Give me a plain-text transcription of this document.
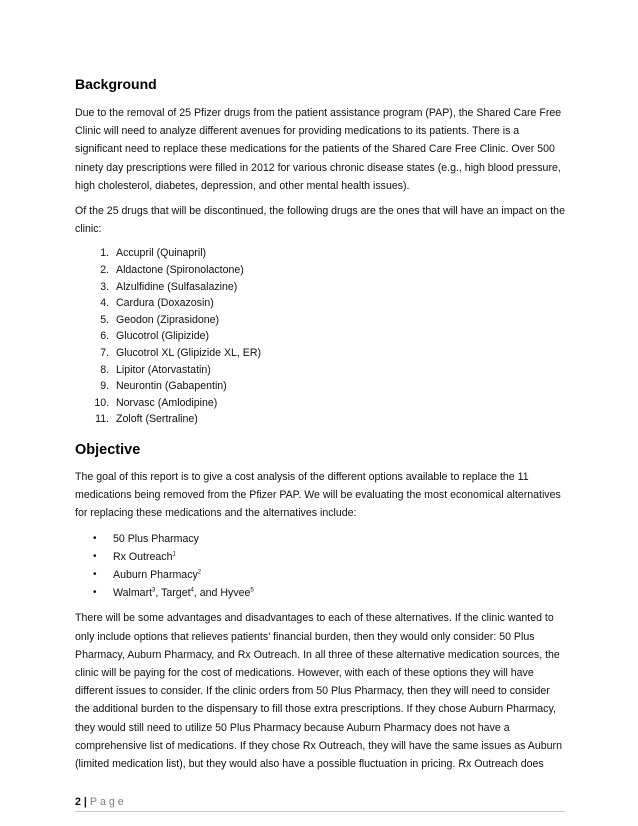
Background

Due to the removal of 25 Pfizer drugs from the patient assistance program (PAP), the Shared Care Free Clinic will need to analyze different avenues for providing medications to its patients. There is a significant need to replace these medications for the patients of the Shared Care Free Clinic. Over 500 ninety day prescriptions were filled in 2012 for various chronic disease states (e.g., high blood pressure, high cholesterol, diabetes, depression, and other mental health issues).

Of the 25 drugs that will be discontinued, the following drugs are the ones that will have an impact on the clinic:

1. Accupril (Quinapril)
2. Aldactone (Spironolactone)
3. Alzulfidine (Sulfasalazine)
4. Cardura (Doxazosin)
5. Geodon (Ziprasidone)
6. Glucotrol (Glipizide)
7. Glucotrol XL (Glipizide XL, ER)
8. Lipitor (Atorvastatin)
9. Neurontin (Gabapentin)
10. Norvasc (Amlodipine)
11. Zoloft (Sertraline)
Objective

The goal of this report is to give a cost analysis of the different options available to replace the 11 medications being removed from the Pfizer PAP. We will be evaluating the most economical alternatives for replacing these medications and the alternatives include:

• 50 Plus Pharmacy
• Rx Outreach$^1$
• Auburn Pharmacy$^2$
• Walmart$^3$, Target$^4$, and Hyvee$^5$

There will be some advantages and disadvantages to each of these alternatives. If the clinic wanted to only include options that relieves patients’ financial burden, then they would only consider: 50 Plus Pharmacy, Auburn Pharmacy, and Rx Outreach. In all three of these alternative medication sources, the clinic will be paying for the cost of medications. However, with each of these options they will have different issues to consider. If the clinic orders from 50 Plus Pharmacy, then they will need to consider the additional burden to the dispensary to fill those extra prescriptions. If they chose Auburn Pharmacy, they would still need to utilize 50 Plus Pharmacy because Auburn Pharmacy does not have a comprehensive list of medications. If they chose Rx Outreach, they will have the same issues as Auburn (limited medication list), but they would also have a possible fluctuation in pricing. Rx Outreach does

2 | Page
